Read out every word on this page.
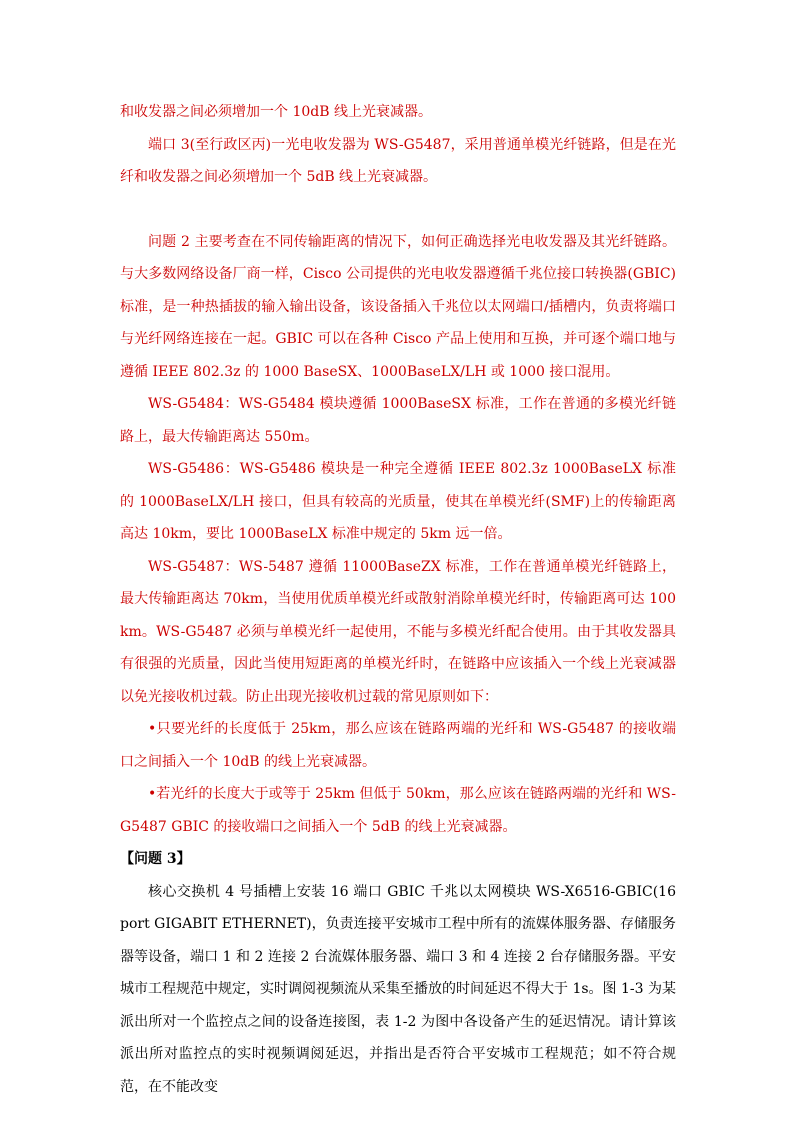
和收发器之间必须增加一个 10dB 线上光衰减器。

端口 3(至行政区丙)一光电收发器为 WS-G5487，采用普通单模光纤链路，但是在光纤和收发器之间必须增加一个 5dB 线上光衰减器。

问题 2 主要考查在不同传输距离的情况下，如何正确选择光电收发器及其光纤链路。与大多数网络设备厂商一样，Cisco 公司提供的光电收发器遵循千兆位接口转换器(GBIC)标准，是一种热插拔的输入输出设备，该设备插入千兆位以太网端口/插槽内，负责将端口与光纤网络连接在一起。GBIC 可以在各种 Cisco 产品上使用和互换，并可逐个端口地与遵循 IEEE 802.3z 的 1000 BaseSX、1000BaseLX/LH 或 1000 接口混用。

WS-G5484：WS-G5484 模块遵循 1000BaseSX 标准，工作在普通的多模光纤链路上，最大传输距离达 550m。

WS-G5486：WS-G5486 模块是一种完全遵循 IEEE 802.3z 1000BaseLX 标准的 1000BaseLX/LH 接口，但具有较高的光质量，使其在单模光纤(SMF)上的传输距离高达 10km，要比 1000BaseLX 标准中规定的 5km 远一倍。

WS-G5487：WS-5487 遵循 11000BaseZX 标准，工作在普通单模光纤链路上，最大传输距离达 70km，当使用优质单模光纤或散射消除单模光纤时，传输距离可达 100km。WS-G5487 必须与单模光纤一起使用，不能与多模光纤配合使用。由于其收发器具有很强的光质量，因此当使用短距离的单模光纤时，在链路中应该插入一个线上光衰减器以免光接收机过载。防止出现光接收机过载的常见原则如下：

•只要光纤的长度低于 25km，那么应该在链路两端的光纤和 WS-G5487 的接收端口之间插入一个 10dB 的线上光衰减器。

•若光纤的长度大于或等于 25km 但低于 50km，那么应该在链路两端的光纤和 WS-G5487 GBIC 的接收端口之间插入一个 5dB 的线上光衰减器。

【问题 3】

核心交换机 4 号插槽上安装 16 端口 GBIC 千兆以太网模块 WS-X6516-GBIC(16 port GIGABIT ETHERNET)，负责连接平安城市工程中所有的流媒体服务器、存储服务器等设备，端口 1 和 2 连接 2 台流媒体服务器、端口 3 和 4 连接 2 台存储服务器。平安城市工程规范中规定，实时调阅视频流从采集至播放的时间延迟不得大于 1s。图 1-3 为某派出所对一个监控点之间的设备连接图，表 1-2 为图中各设备产生的延迟情况。请计算该派出所对监控点的实时视频调阅延迟，并指出是否符合平安城市工程规范；如不符合规范，在不能改变
